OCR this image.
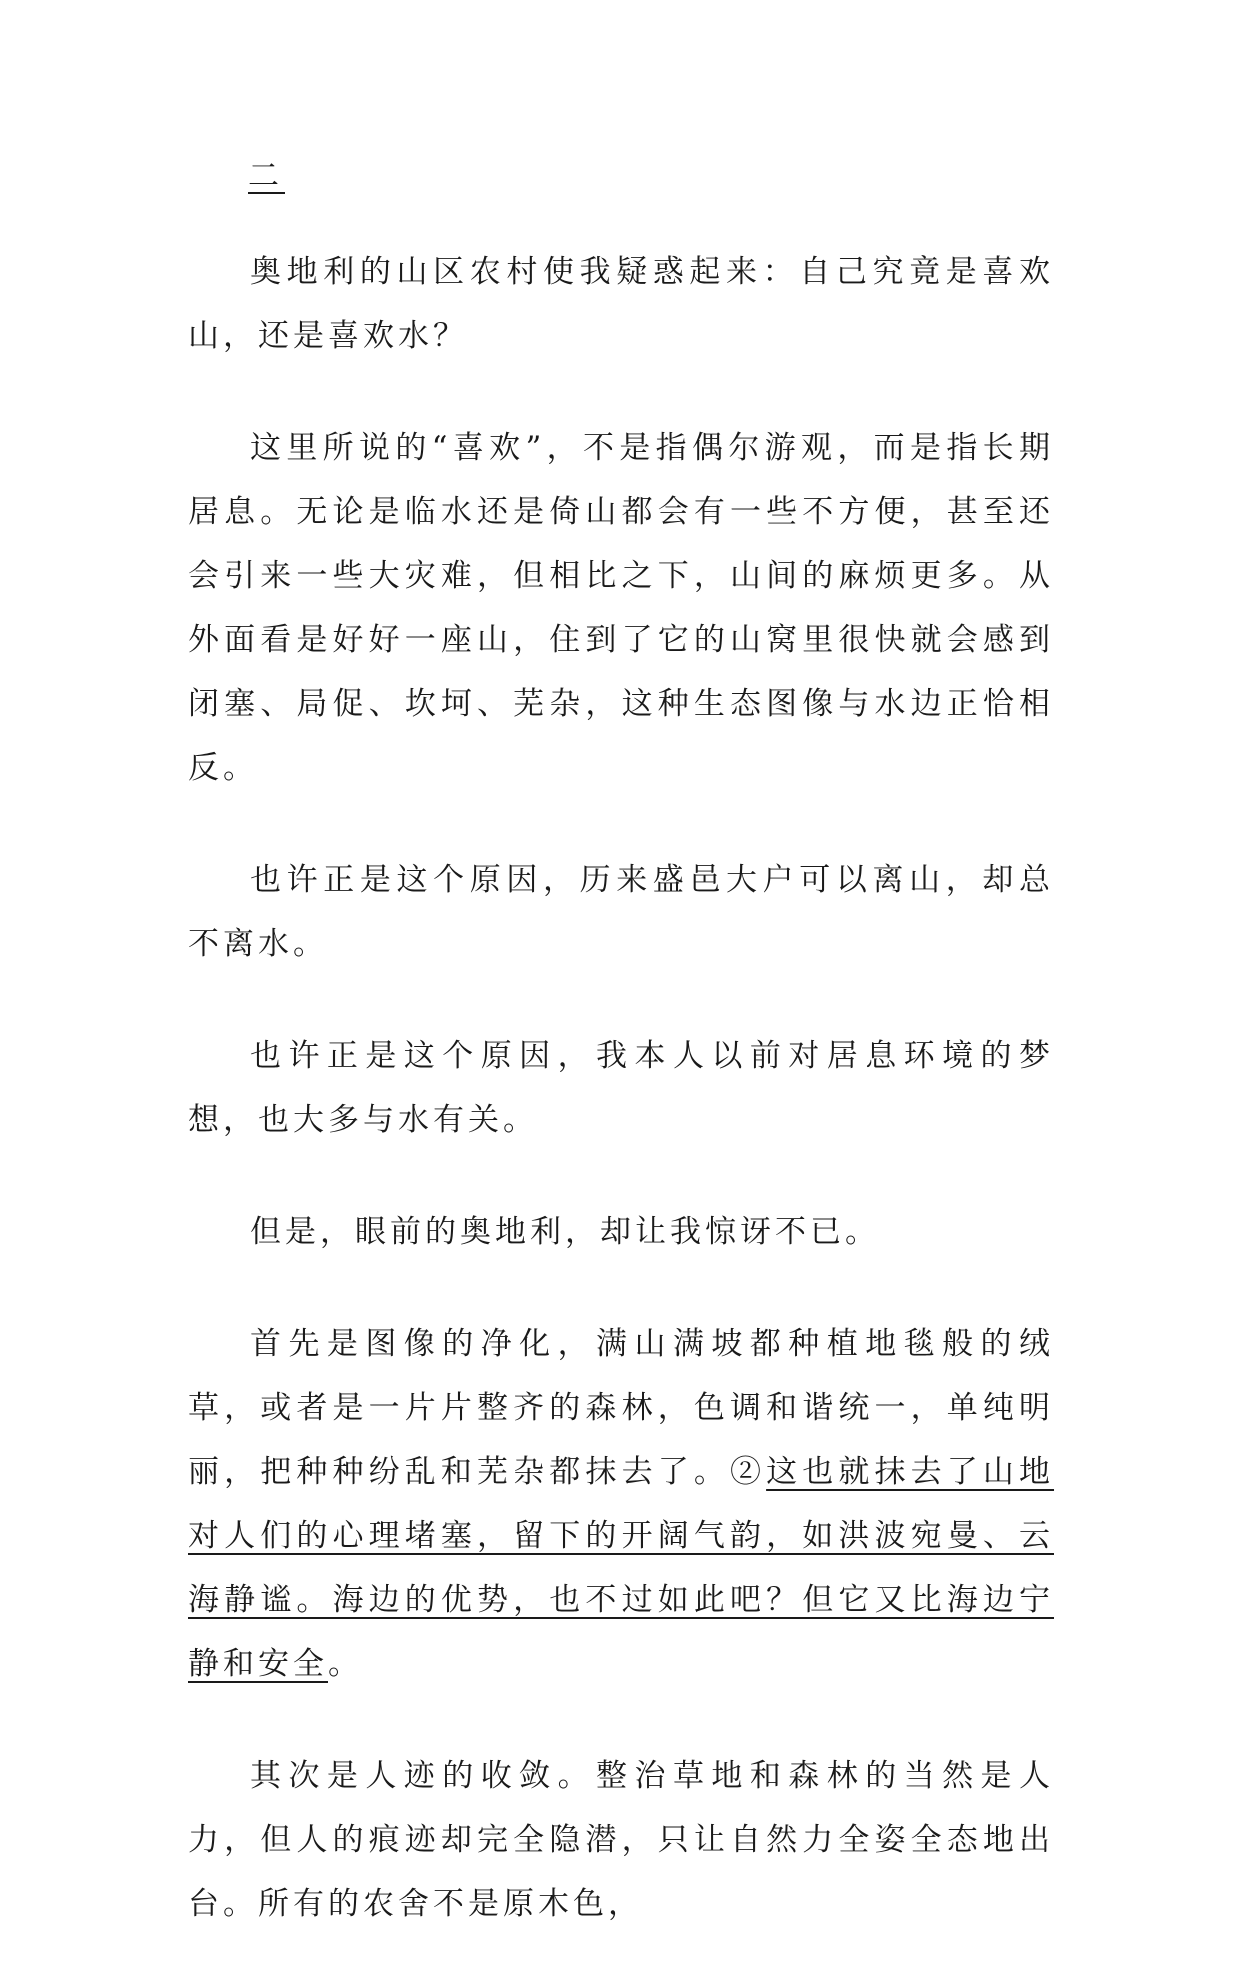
二

奥地利的山区农村使我疑惑起来：自己究竟是喜欢山，还是喜欢水？

这里所说的“喜欢”，不是指偶尔游观，而是指长期居息。无论是临水还是倚山都会有一些不方便，甚至还会引来一些大灾难，但相比之下，山间的麻烦更多。从外面看是好好一座山，住到了它的山窝里很快就会感到闭塞、局促、坎坷、芜杂，这种生态图像与水边正恰相反。

也许正是这个原因，历来盛邑大户可以离山，却总不离水。

也许正是这个原因，我本人以前对居息环境的梦想，也大多与水有关。

但是，眼前的奥地利，却让我惊讶不已。

首先是图像的净化，满山满坡都种植地毯般的绒草，或者是一片片整齐的森林，色调和谐统一，单纯明丽，把种种纷乱和芜杂都抹去了。②这也就抹去了山地对人们的心理堵塞，留下的开阔气韵，如洪波宛曼、云海静谧。海边的优势，也不过如此吧？但它又比海边宁静和安全。

其次是人迹的收敛。整治草地和森林的当然是人力，但人的痕迹却完全隐潜，只让自然力全姿全态地出台。所有的农舍不是原木色，
